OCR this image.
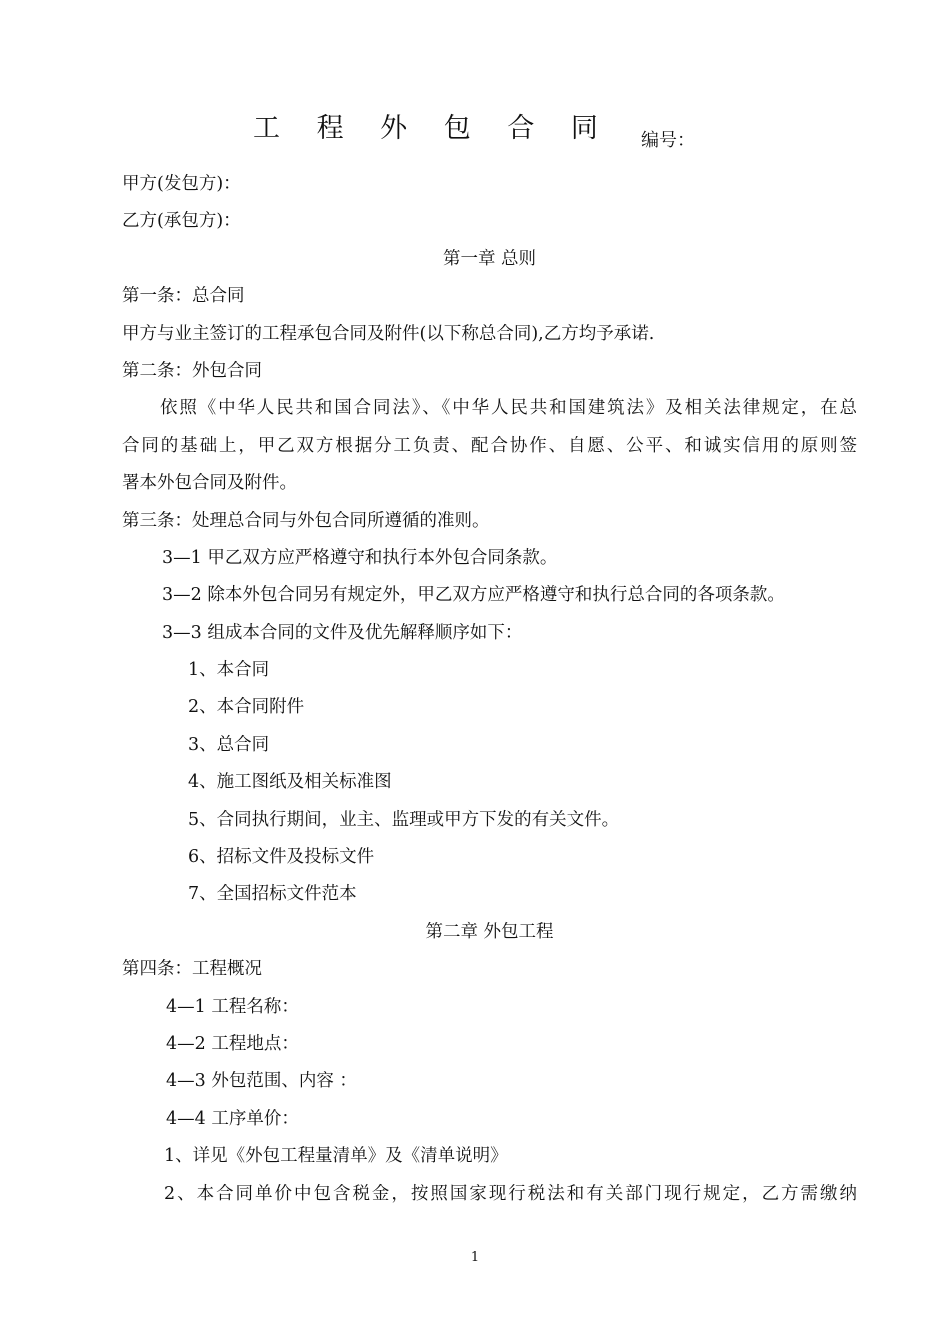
工 程 外 包 合 同 编号：
甲方(发包方)：
乙方(承包方)：
第一章 总则
第一条：总合同
甲方与业主签订的工程承包合同及附件(以下称总合同),乙方均予承诺.
第二条：外包合同
依照《中华人民共和国合同法》、《中华人民共和国建筑法》及相关法律规定，在总
合同的基础上，甲乙双方根据分工负责、配合协作、自愿、公平、和诚实信用的原则签
署本外包合同及附件。
第三条：处理总合同与外包合同所遵循的准则。
3—1 甲乙双方应严格遵守和执行本外包合同条款。
3—2 除本外包合同另有规定外，甲乙双方应严格遵守和执行总合同的各项条款。
3—3 组成本合同的文件及优先解释顺序如下：
1、本合同
2、本合同附件
3、总合同
4、施工图纸及相关标准图
5、合同执行期间，业主、监理或甲方下发的有关文件。
6、招标文件及投标文件
7、全国招标文件范本
第二章 外包工程
第四条：工程概况
4—1 工程名称：
4—2 工程地点：
4—3 外包范围、内容 ：
4—4 工序单价：
1、详见《外包工程量清单》及《清单说明》
2、本合同单价中包含税金，按照国家现行税法和有关部门现行规定，乙方需缴纳
1
